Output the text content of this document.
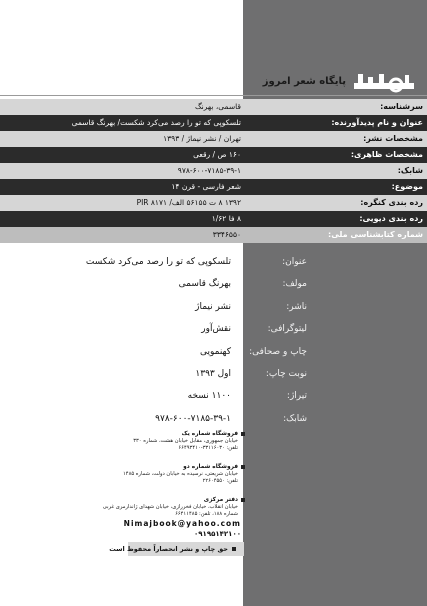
پایگاه شعر امروز
سرشناسه:
قاسمی، بهرنگ
عنوان و نام پدیدآورنده:
تلسکوپی که تو را رصد می‌کرد شکست/ بهرنگ قاسمی
مشخصات نشر:
تهران / نشر نیماژ / ۱۳۹۳
مشخصات ظاهری:
۱۶۰ ص / رقعی
شابک:
۹۷۸-۶۰۰-۷۱۸۵-۳۹-۱
موضوع:
شعر فارسی - قرن ۱۴
رده بندی کنگره:
۱۳۹۲ ۸ ت ۵۶۱۵۵ الف/ PIR ۸۱۷۱
رده بندی دیویی:
۸ فا ۱/۶۲
شماره کتابشناسی ملی:
۳۳۴۶۵۵۰
عنوان:
تلسکوپی که تو را رصد می‌کرد شکست
مولف:
بهرنگ قاسمی
ناشر:
نشر نیماژ
لیتوگرافی:
نقش‌آور
چاپ و صحافی:
کهنمویی
نوبت چاپ:
اول ۱۳۹۳
تیراژ:
۱۱۰۰ نسخه
شابک:
۹۷۸-۶۰۰-۷۱۸۵-۳۹-۱
فروشگاه شماره یک
خیابان جمهوری، مقابل خیابان هشت، شماره ۳۳۰
تلفن: ۳۳۱۱۶۰۳۰-۶۶۴۹۳۴۱۰
فروشگاه شماره دو
خیابان شریعتی، نرسیده به خیابان دولت، شماره ۱۴۸۵
تلفن: ۲۲۶۰۴۵۵۰
دفتر مرکزی
خیابان انقلاب، خیابان فخررازی، خیابان شهدای ژاندارمری غربی
شماره ۱۸۸، تلفن: ۶۶۴۱۱۴۸۵
Nimajbook@yahoo.com
۰۹۱۹۵۱۴۲۱۰۰
حق چاپ و نشر انحصاراً محفوظ است
